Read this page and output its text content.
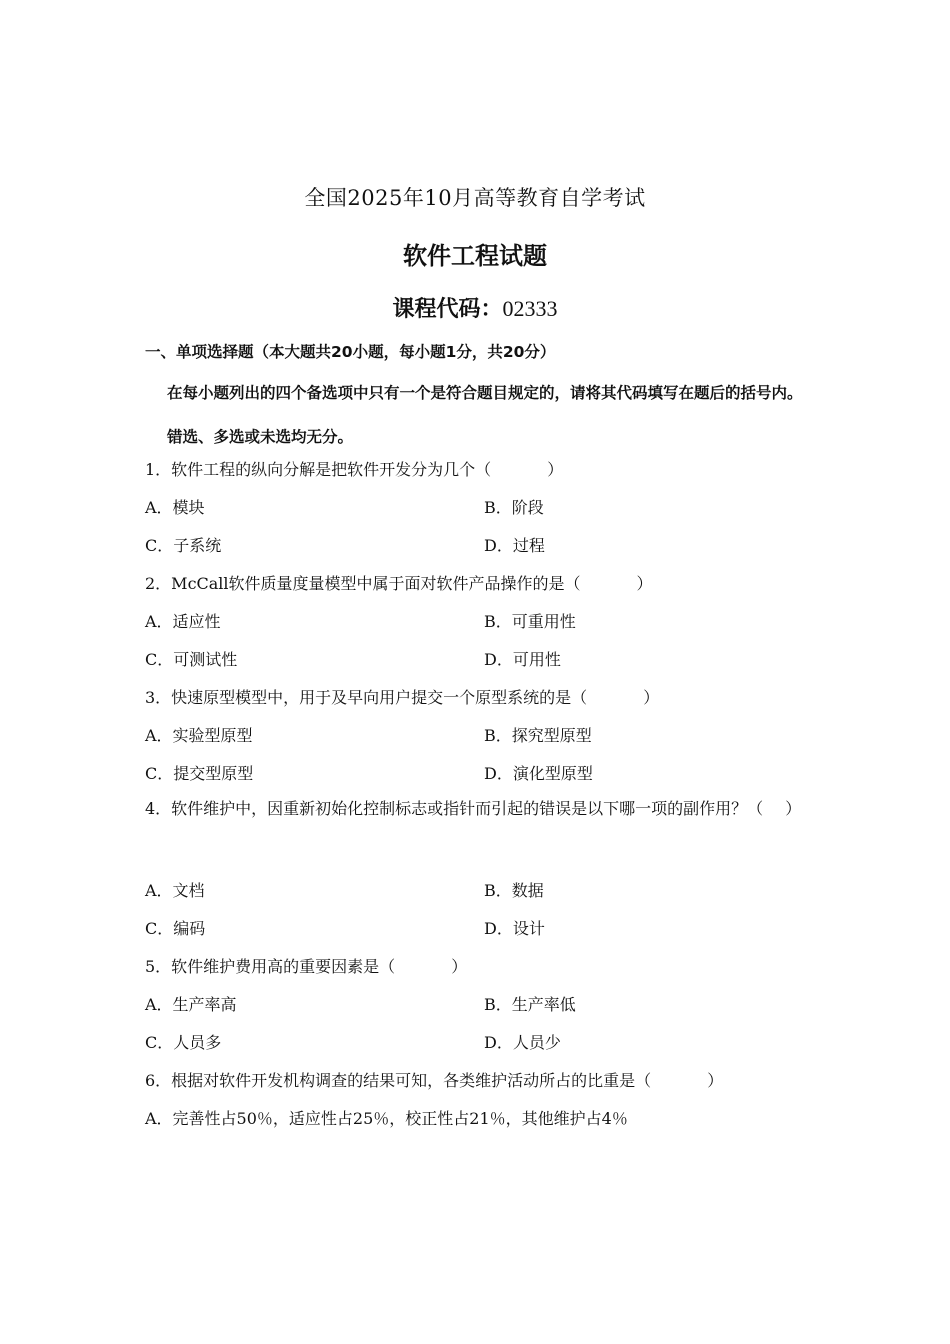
全国2025年10月高等教育自学考试
软件工程试题
课程代码：02333
一、单项选择题（本大题共20小题，每小题1分，共20分）
在每小题列出的四个备选项中只有一个是符合题目规定的，请将其代码填写在题后的括号内。错选、多选或未选均无分。
1．软件工程的纵向分解是把软件开发分为几个（	）
A．模块	B．阶段
C．子系统	D．过程
2．McCall软件质量度量模型中属于面对软件产品操作的是（	）
A．适应性	B．可重用性
C．可测试性	D．可用性
3．快速原型模型中，用于及早向用户提交一个原型系统的是（	）
A．实验型原型	B．探究型原型
C．提交型原型	D．演化型原型
4．软件维护中，因重新初始化控制标志或指针而引起的错误是以下哪一项的副作用？（ ）
A．文档	B．数据
C．编码	D．设计
5．软件维护费用高的重要因素是（	）
A．生产率高	B．生产率低
C．人员多	D．人员少
6．根据对软件开发机构调查的结果可知，各类维护活动所占的比重是（	）
A．完善性占50％，适应性占25％，校正性占21％，其他维护占4％
